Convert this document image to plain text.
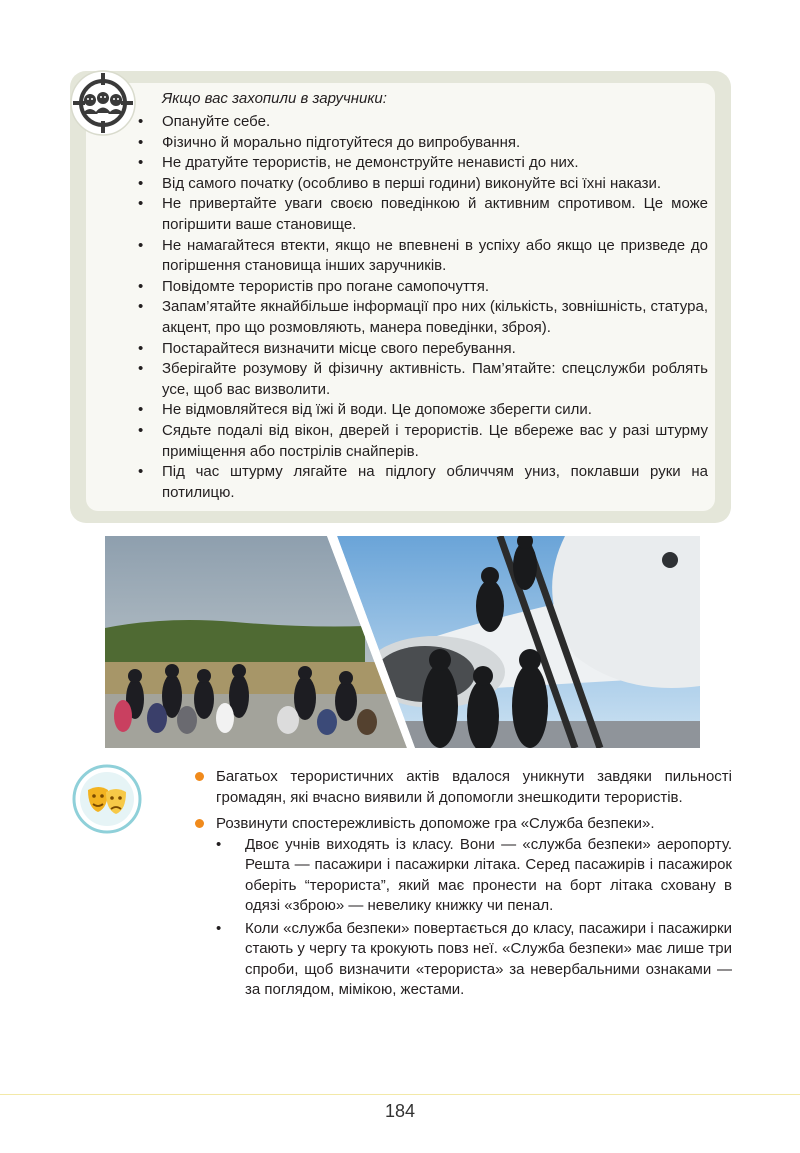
Якщо вас захопили в заручники:
• Опануйте себе.
• Фізично й морально підготуйтеся до випробування.
• Не дратуйте терористів, не демонструйте ненависті до них.
• Від самого початку (особливо в перші години) виконуйте всі їхні накази.
• Не привертайте уваги своєю поведінкою й активним спротивом. Це може погіршити ваше становище.
• Не намагайтеся втекти, якщо не впевнені в успіху або якщо це призведе до погіршення становища інших заручників.
• Повідомте терористів про погане самопочуття.
• Запам’ятайте якнайбільше інформації про них (кількість, зовнішність, статура, акцент, про що розмовляють, манера поведінки, зброя).
• Постарайтеся визначити місце свого перебування.
• Зберігайте розумову й фізичну активність. Пам’ятайте: спецслужби роблять усе, щоб вас визволити.
• Не відмовляйтеся від їжі й води. Це допоможе зберегти сили.
• Сядьте подалі від вікон, дверей і терористів. Це вбереже вас у разі штурму приміщення або пострілів снайперів.
• Під час штурму лягайте на підлогу обличчям униз, поклавши руки на потилицю.
Багатьох терористичних актів вдалося уникнути завдяки пильності громадян, які вчасно виявили й допомогли знешкодити терористів.
Розвинути спостережливість допоможе гра «Служба безпеки».
• Двоє учнів виходять із класу. Вони — «служба безпеки» аеропорту. Решта — пасажири і пасажирки літака. Серед пасажирів і пасажирок оберіть “терориста”, який має пронести на борт літака сховану в одязі «зброю» — невелику книжку чи пенал.
• Коли «служба безпеки» повертається до класу, пасажири і пасажирки стають у чергу та крокують повз неї. «Служба безпеки» має лише три спроби, щоб визначити «терориста» за невербальними ознаками — за поглядом, мімікою, жестами.
184
